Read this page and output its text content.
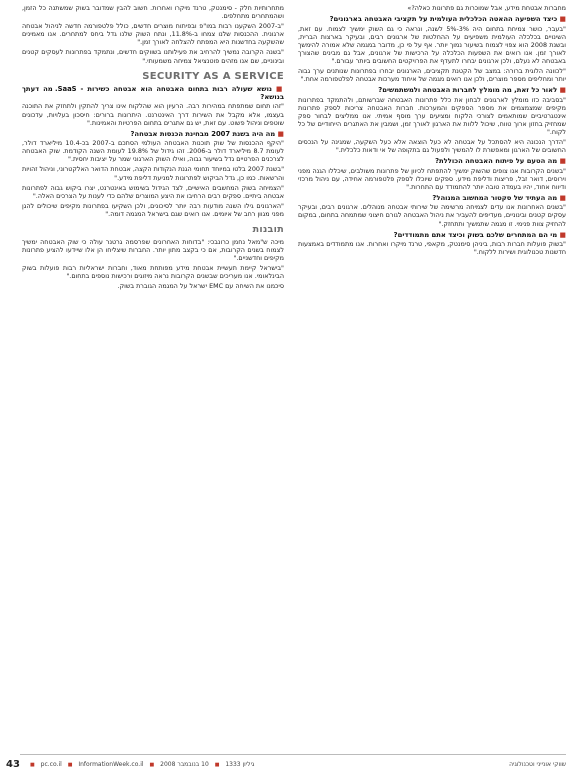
מחברות אבטחת מידע, אבל שמוכרות גם פתרונות כאלה?»

■ כיצד השפיעה ההאטה הכלכלית העולמית על תקציבי האבטחה בארגונים?

"בעבר, כושר צמיחת בתחום היה 3%-5% לשנה, ונראה כי גם השוק ימשיך לצמוח. עם זאת, השינויים בכלכלה העולמית משפיעים על ההחלטות של ארגונים רבים, ובעיקר בארצות הברית, ובשנת 2008 הוא צפוי לצמוח בשיעור נמוך יותר. אף על פי כן, מדובר במגמה שלא אמורה להימשך לאורך זמן. אנו רואים את השפעות הכלכלה על הרכישות של ארגונים, אבל גם מבינים שהצורך באבטחה לא נעלם, ולכן ארגונים יבחרו לתעדף את הפרויקטים החשובים ביותר עבורם."

"לכוונה הלוגית ברורה: במצב של הקטנת תקציבים, הארגונים יבחרו בפתרונות שנותנים ערך גבוה יותר ומחליפים מספר מוצרים, ולכן אנו רואים מגמה של איחוד מערכות אבטחה לפלטפורמה אחת."

■ לאור כל זאת, מה מומלץ לחברות האבטחה ולמשתמשים?

"בסביבה כזו מומלץ לארגונים לבחון את כלל פתרונות האבטחה שברשותם, ולהתמקד בפתרונות מקיפים שמצמצמים את מספר הספקים והמערכות. חברות האבטחה צריכות לספק פתרונות אינטגרטיביים שמותאמים לצורכי הלקוח ומציעים ערך מוסף אמיתי. אנו ממליצים לבחור ספק שמחזיק בחזון ארוך טווח, שיכול ללוות את הארגון לאורך זמן, ושמבין את האתגרים הייחודיים של כל לקוח."

"הדרך הנכונה היא להסתכל על אבטחה לא כעל הוצאה אלא כעל השקעה, שמגינה על הנכסים החשובים של הארגון ומאפשרת לו להמשיך ולפעול גם בתקופה של אי ודאות כלכלית."

■ מה הטעם על פיתוח האבטחה הכוללת?

"בשנים הקרובות אנו צופים שהשוק ימשיך להתפתח לכיוון של פתרונות משולבים, שיכללו הגנה מפני וירוסים, דואר זבל, פריצות ודליפת מידע. ספקים שיוכלו לספק פלטפורמה אחידה, עם ניהול מרכזי ודיווח אחוד, יהיו בעמדה טובה יותר להתמודד עם התחרות."

■ מה העתיד של סקטור המחשוב המנוהל?

"בשנים האחרונות אנו עדים לצמיחה מרשימה של שירותי אבטחה מנוהלים. ארגונים רבים, ובעיקר עסקים קטנים ובינוניים, מעדיפים להעביר את ניהול האבטחה לגורם חיצוני שמתמחה בתחום, במקום להחזיק צוות פנימי. זו מגמה שתמשיך ותתחזק."

■ מי הם המתחרים שלכם בשוק וכיצד אתם מתמודדים?

"בשוק פועלות חברות רבות, ביניהן סימנטק, מקאפי, טרנד מיקרו ואחרות. אנו מתמודדים באמצעות חדשנות טכנולוגית ושירות ללקוח."

מתחרותיות חלק - סימנטק, טרנד מיקרו ואחרות. חשוב להבין שמדובר בשוק שמשתנה כל הזמן, ושהמתחרים מתחלפים.

"ב-2007 השקענו רבות במו"פ ובפיתוח מוצרים חדשים, כולל פלטפורמה חדשה לניהול אבטחה ארגונית. ההכנסות שלנו צמחו ב-11.8%, ונתח השוק שלנו גדל ביחס למתחרים. אנו מאמינים שהשקעה בחדשנות היא המפתח להצלחה לאורך זמן."

"בשנה הקרובה נמשיך להרחיב את פעילותנו בשווקים חדשים, ונתמקד בפתרונות לעסקים קטנים ובינוניים, שם אנו מזהים פוטנציאל צמיחה משמעותי."

SECURITY AS A SERVICE
■ נושא שעולה רבות בתחום האבטחה הוא אבטחה כשירות - SaaS. מה דעתך בנושא?

"זהו תחום שמתפתח במהירות רבה. הרעיון הוא שהלקוח אינו צריך להתקין ולתחזק את התוכנה בעצמו, אלא מקבל את השירות דרך האינטרנט. היתרונות ברורים: חיסכון בעלויות, עדכונים שוטפים וניהול פשוט. עם זאת, יש גם אתגרים בתחום הפרטיות והאמינות."

■ מה היה בשנת 2007 מבחינת הכנסות אבטחה?

"היקף ההכנסות של שוק תוכנות האבטחה העולמי הסתכם ב-2007 בכ-10.4 מיליארד דולר, לעומת 8.7 מיליארד דולר ב-2006. זהו גידול של 19.8% לעומת השנה הקודמת. שוק האבטחה לצרכנים הפרטיים גדל בשיעור גבוה, ואילו השוק הארגוני שמר על יציבות יחסית."

"בשנת 2007 בלטו במיוחד תחומי הגנת הנקודות הקצה, אבטחת הדואר האלקטרוני, וניהול זהויות והרשאות. כמו כן, גדל הביקוש לפתרונות למניעת דליפת מידע."

"הצמיחה בשוק המחשבים האישיים, לצד הגידול בשימוש באינטרנט, יצרו ביקוש גבוה לפתרונות אבטחה ביתיים. ספקים רבים הרחיבו את היצע המוצרים שלהם כדי לענות על הצרכים האלה."

"הארגונים גילו השנה מודעות רבה יותר לסיכונים, ולכן השקיעו בפתרונות מקיפים שיכולים להגן מפני מגוון רחב של איומים. אנו רואים שגם בישראל המגמה דומה."

תובנות

מיכה ש"מאל נחמן כרונבכי: "בדוחות האחרונים שפרסמה גרטנר עולה כי שוק האבטחה ימשיך לצמוח בשנים הקרובות, אם כי בקצב מתון יותר. החברות שיצליחו הן אלו שיידעו להציע פתרונות מקיפים וחדשניים."

"בישראל קיימת תעשיית אבטחת מידע מפותחת מאוד, וחברות ישראליות רבות פועלות בשוק הבינלאומי. אנו מעריכים שבשנים הקרובות נראה מיזוגים ורכישות נוספים בתחום."

סיכמנו את השיחה עם EMC ישראל על המגמה הגוברת בשוק.

43	■ pc.co.il ■ InformationWeek.co.il ■	גיליון 1333 ■ 10 בנובמבר 2008	שווקי אונייני וטכנולוגיה
